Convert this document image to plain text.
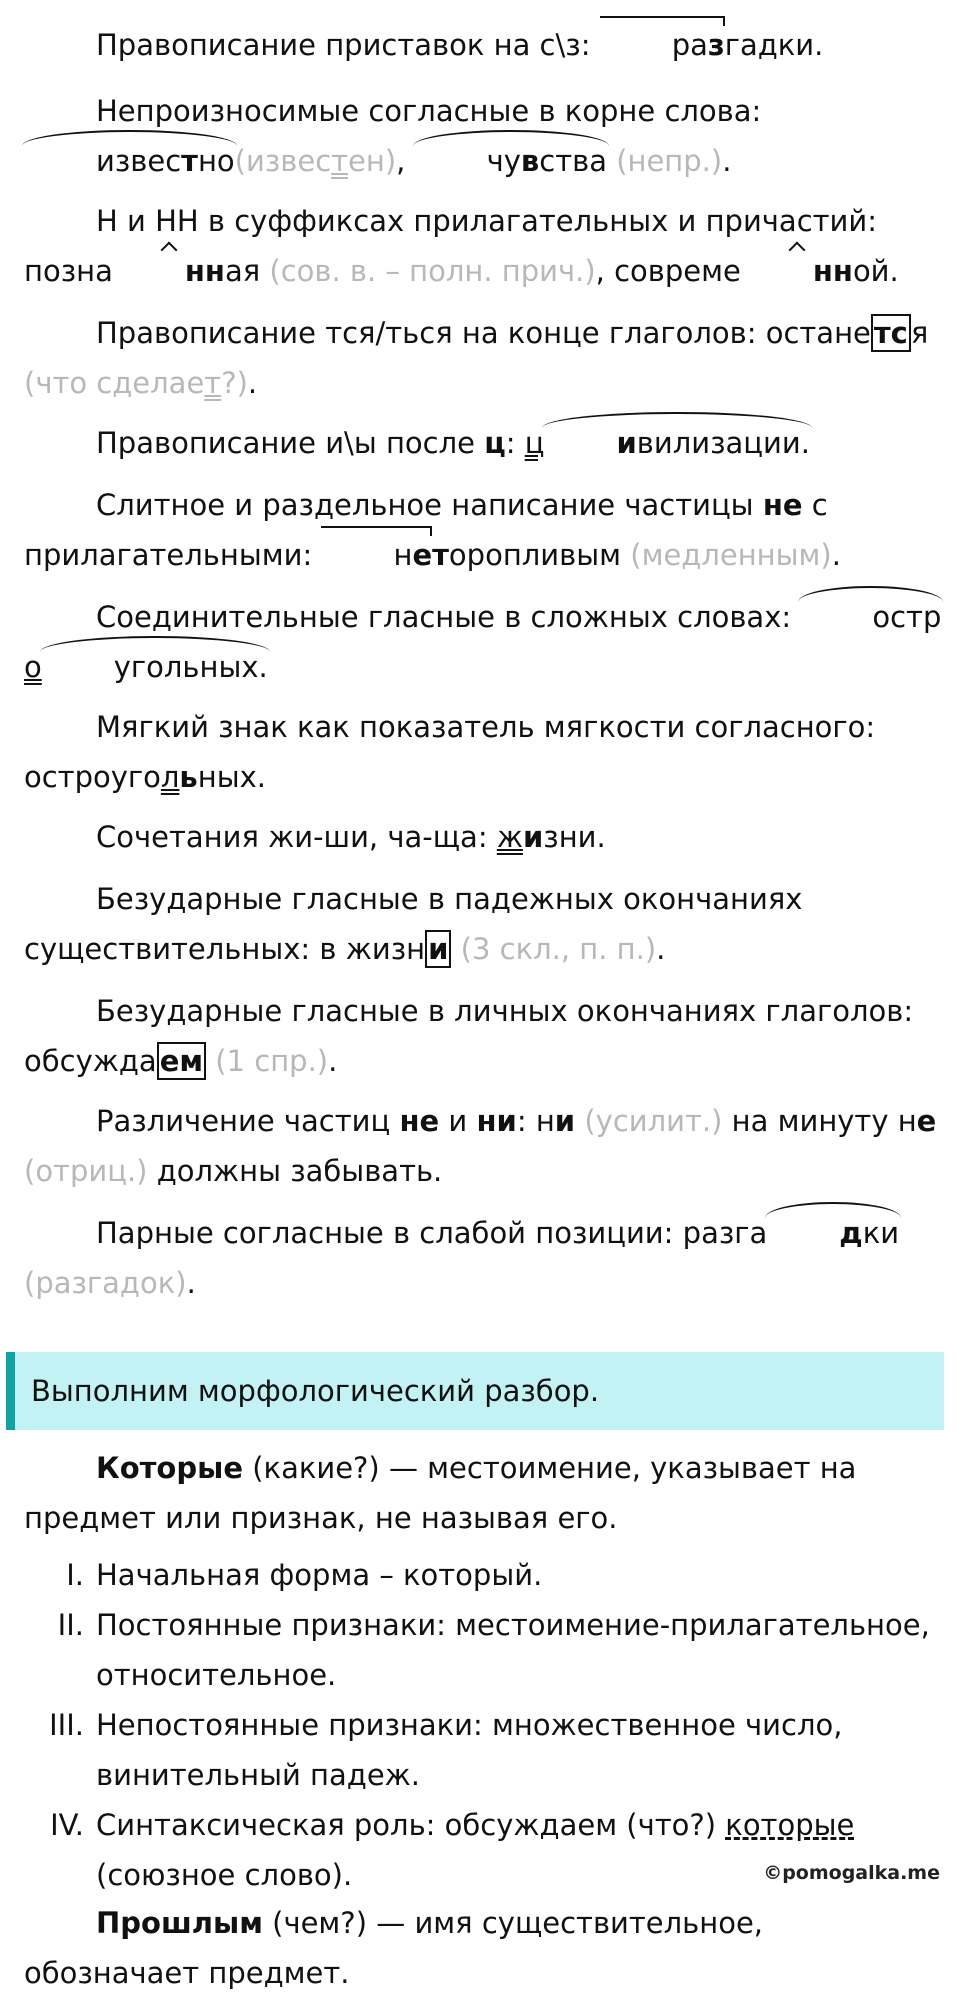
Правописание приставок на с\з: разгадки.

Непроизносимые согласные в корне слова: известно(известен), чувства (непр.).

Н и НН в суффиксах прилагательных и причастий: позна нная (сов. в. – полн. прич.), совреме нной.

Правописание тся/ться на конце глаголов: остане тс я (что сделает?).

Правописание и\ы после ц: ц ивилизации.

Слитное и раздельное написание частицы не с прилагательными: неторопливым (медленным).

Соединительные гласные в сложных словах: остро угольных.

Мягкий знак как показатель мягкости согласного: остроугольных.

Сочетания жи-ши, ча-ща: жизни.

Безударные гласные в падежных окончаниях существительных: в жизн и (3 скл., п. п.).

Безударные гласные в личных окончаниях глаголов: обсужда ем (1 спр.).

Различение частиц не и ни: ни (усилит.) на минуту не (отриц.) должны забывать.

Парные согласные в слабой позиции: разга дки (разгадок).

Выполним морфологический разбор.

Которые (какие?) — местоимение, указывает на предмет или признак, не называя его.

I. Начальная форма – который.
II. Постоянные признаки: местоимение-прилагательное, относительное.
III. Непостоянные признаки: множественное число, винительный падеж.
IV. Синтаксическая роль: обсуждаем (что?) которые (союзное слово).	©pomogalka.me

Прошлым (чем?) — имя существительное, обозначает предмет.
